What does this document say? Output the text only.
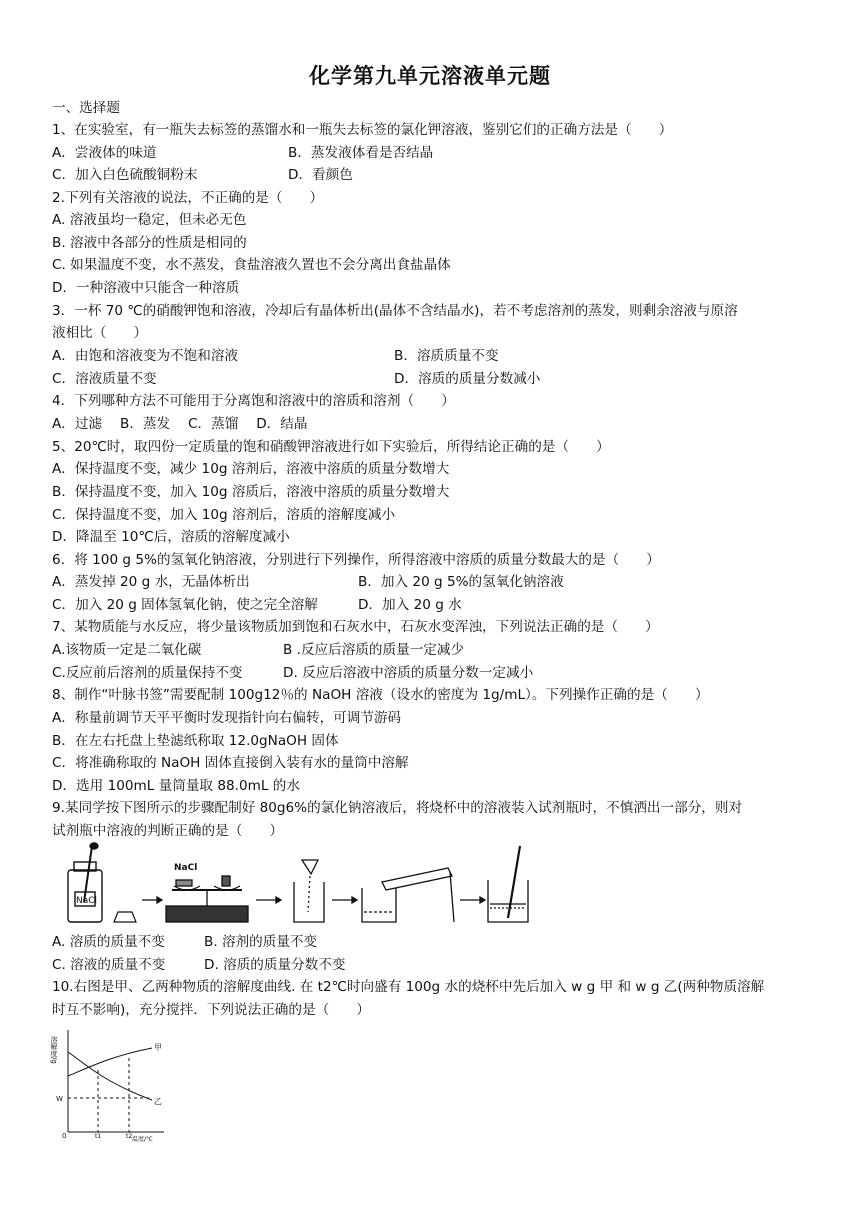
化学第九单元溶液单元题
一、选择题
1、在实验室，有一瓶失去标签的蒸馏水和一瓶失去标签的氯化钾溶液，鉴别它们的正确方法是（　　）
A．尝液体的味道	B．蒸发液体看是否结晶
C．加入白色硫酸铜粉末	D．看颜色
2.下列有关溶液的说法，不正确的是（　　）
A. 溶液虽均一稳定，但未必无色
B. 溶液中各部分的性质是相同的
C. 如果温度不变，水不蒸发，食盐溶液久置也不会分离出食盐晶体
D．一种溶液中只能含一种溶质
3．一杯 70 ℃的硝酸钾饱和溶液，冷却后有晶体析出(晶体不含结晶水)，若不考虑溶剂的蒸发，则剩余溶液与原溶
液相比（　　）
A．由饱和溶液变为不饱和溶液	B．溶质质量不变
C．溶液质量不变	D．溶质的质量分数减小
4．下列哪种方法不可能用于分离饱和溶液中的溶质和溶剂（　　）
A．过滤　 B．蒸发　 C．蒸馏　 D．结晶
5、20℃时，取四份一定质量的饱和硝酸钾溶液进行如下实验后，所得结论正确的是（　　）
A．保持温度不变，减少 10g 溶剂后，溶液中溶质的质量分数增大
B．保持温度不变，加入 10g 溶质后，溶液中溶质的质量分数增大
C．保持温度不变，加入 10g 溶剂后，溶质的溶解度减小
D．降温至 10℃后，溶质的溶解度减小
6．将 100 g 5%的氢氧化钠溶液，分别进行下列操作，所得溶液中溶质的质量分数最大的是（　　）
A．蒸发掉 20 g 水，无晶体析出	B．加入 20 g 5%的氢氧化钠溶液
C．加入 20 g 固体氢氧化钠，使之完全溶解	D．加入 20 g 水
7、某物质能与水反应，将少量该物质加到饱和石灰水中，石灰水变浑浊，下列说法正确的是（　　）
A.该物质一定是二氧化碳	B .反应后溶质的质量一定减少
C.反应前后溶剂的质量保持不变	D. 反应后溶液中溶质的质量分数一定减小
8、制作“叶脉书签”需要配制 100g12％的 NaOH 溶液（设水的密度为 1g/mL）。下列操作正确的是（　　）
A．称量前调节天平平衡时发现指针向右偏转，可调节游码
B．在左右托盘上垫滤纸称取 12.0gNaOH 固体
C．将准确称取的 NaOH 固体直接倒入装有水的量筒中溶解
D．选用 100mL 量筒量取 88.0mL 的水
9.某同学按下图所示的步骤配制好 80g6%的氯化钠溶液后，将烧杯中的溶液装入试剂瓶时，不慎洒出一部分，则对
试剂瓶中溶液的判断正确的是（　　）
NaCl
NaCl
A. 溶质的质量不变	B. 溶剂的质量不变
C. 溶液的质量不变	D. 溶质的质量分数不变
10.右图是甲、乙两种物质的溶解度曲线. 在 t2℃时向盛有 100g 水的烧杯中先后加入 w g 甲 和 w g 乙(两种物质溶解
时互不影响)，充分搅拌．下列说法正确的是（　　）
溶解度/g
0
W
t1	t2 温度/℃
甲
乙
